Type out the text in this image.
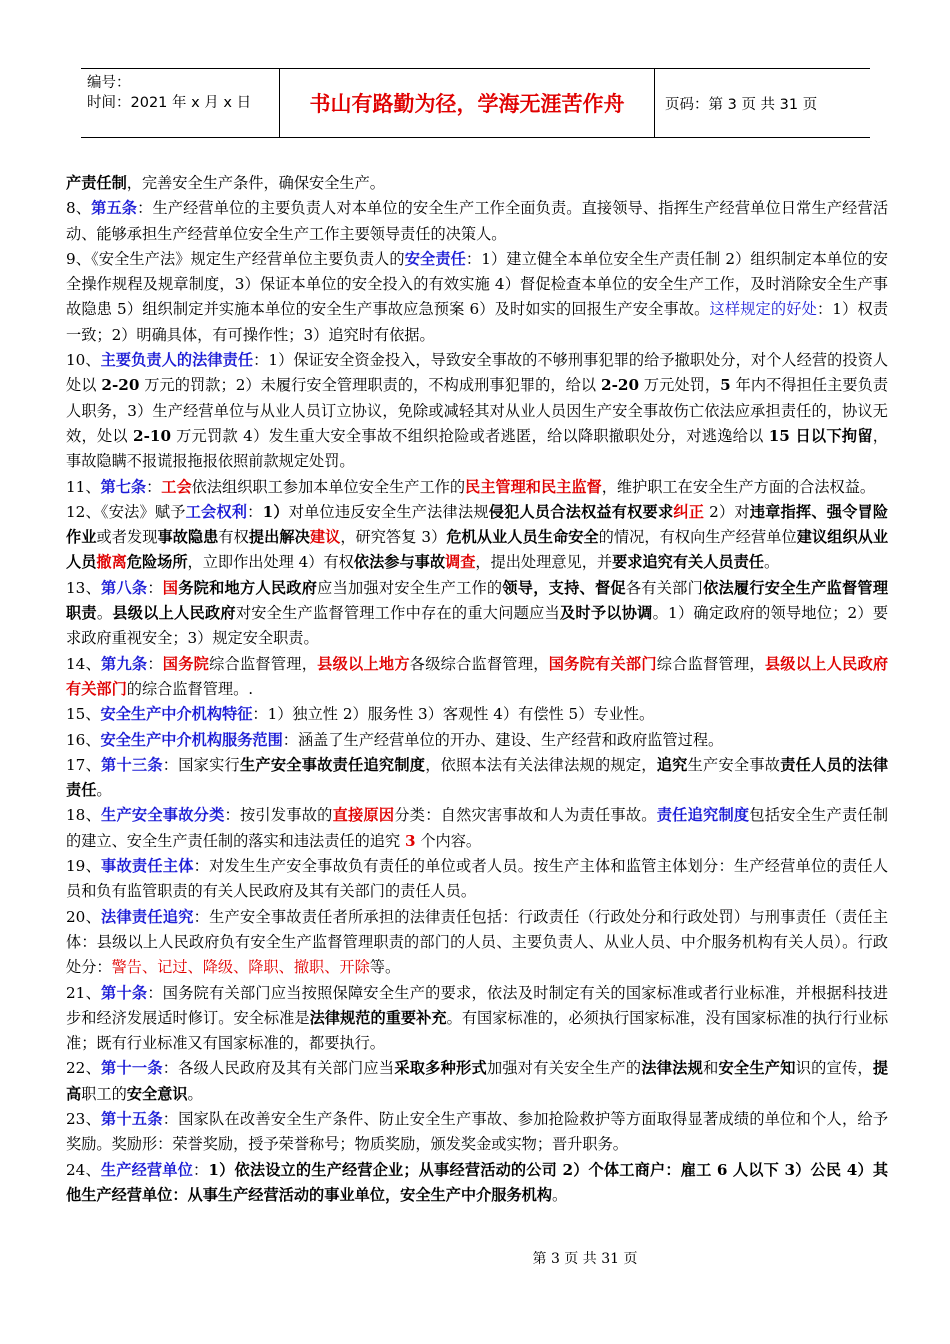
编号：
时间：2021 年 x 月 x 日	书山有路勤为径，学海无涯苦作舟	页码：第 3 页 共 31 页

产责任制，完善安全生产条件，确保安全生产。

8、第五条：生产经营单位的主要负责人对本单位的安全生产工作全面负责。直接领导、指挥生产经营单位日常生产经营活动、能够承担生产经营单位安全生产工作主要领导责任的决策人。

9、《安全生产法》规定生产经营单位主要负责人的安全责任：1）建立健全本单位安全生产责任制 2）组织制定本单位的安全操作规程及规章制度，3）保证本单位的安全投入的有效实施 4）督促检查本单位的安全生产工作，及时消除安全生产事故隐患 5）组织制定并实施本单位的安全生产事故应急预案 6）及时如实的回报生产安全事故。这样规定的好处：1）权责一致；2）明确具体，有可操作性；3）追究时有依据。

10、主要负责人的法律责任：1）保证安全资金投入，导致安全事故的不够刑事犯罪的给予撤职处分，对个人经营的投资人处以 2-20 万元的罚款；2）未履行安全管理职责的，不构成刑事犯罪的，给以 2-20 万元处罚，5 年内不得担任主要负责人职务，3）生产经营单位与从业人员订立协议，免除或减轻其对从业人员因生产安全事故伤亡依法应承担责任的，协议无效，处以 2-10 万元罚款 4）发生重大安全事故不组织抢险或者逃匿，给以降职撤职处分，对逃逸给以 15 日以下拘留，事故隐瞒不报谎报拖报依照前款规定处罚。

11、第七条：工会依法组织职工参加本单位安全生产工作的民主管理和民主监督，维护职工在安全生产方面的合法权益。

12、《安法》赋予工会权利：1）对单位违反安全生产法律法规侵犯人员合法权益有权要求纠正 2）对违章指挥、强令冒险作业或者发现事故隐患有权提出解决建议，研究答复 3）危机从业人员生命安全的情况，有权向生产经营单位建议组织从业人员撤离危险场所，立即作出处理 4）有权依法参与事故调查，提出处理意见，并要求追究有关人员责任。

13、第八条：国务院和地方人民政府应当加强对安全生产工作的领导，支持、督促各有关部门依法履行安全生产监督管理职责。县级以上人民政府对安全生产监督管理工作中存在的重大问题应当及时予以协调。1）确定政府的领导地位；2）要求政府重视安全；3）规定安全职责。

14、第九条：国务院综合监督管理，县级以上地方各级综合监督管理，国务院有关部门综合监督管理，县级以上人民政府有关部门的综合监督管理。.

15、安全生产中介机构特征：1）独立性 2）服务性 3）客观性 4）有偿性 5）专业性。

16、安全生产中介机构服务范围：涵盖了生产经营单位的开办、建设、生产经营和政府监管过程。

17、第十三条：国家实行生产安全事故责任追究制度，依照本法有关法律法规的规定，追究生产安全事故责任人员的法律责任。

18、生产安全事故分类：按引发事故的直接原因分类：自然灾害事故和人为责任事故。责任追究制度包括安全生产责任制的建立、安全生产责任制的落实和违法责任的追究 3 个内容。

19、事故责任主体：对发生生产安全事故负有责任的单位或者人员。按生产主体和监管主体划分：生产经营单位的责任人员和负有监管职责的有关人民政府及其有关部门的责任人员。

20、法律责任追究：生产安全事故责任者所承担的法律责任包括：行政责任（行政处分和行政处罚）与刑事责任（责任主体：县级以上人民政府负有安全生产监督管理职责的部门的人员、主要负责人、从业人员、中介服务机构有关人员）。行政处分：警告、记过、降级、降职、撤职、开除等。

21、第十条：国务院有关部门应当按照保障安全生产的要求，依法及时制定有关的国家标准或者行业标准，并根据科技进步和经济发展适时修订。安全标准是法律规范的重要补充。有国家标准的，必须执行国家标准，没有国家标准的执行行业标准；既有行业标准又有国家标准的，都要执行。

22、第十一条：各级人民政府及其有关部门应当采取多种形式加强对有关安全生产的法律法规和安全生产知识的宣传，提高职工的安全意识。

23、第十五条：国家队在改善安全生产条件、防止安全生产事故、参加抢险救护等方面取得显著成绩的单位和个人，给予奖励。奖励形：荣誉奖励，授予荣誉称号；物质奖励，颁发奖金或实物；晋升职务。

24、生产经营单位：1）依法设立的生产经营企业；从事经营活动的公司 2）个体工商户：雇工 6 人以下 3）公民 4）其他生产经营单位：从事生产经营活动的事业单位，安全生产中介服务机构。

第 3 页 共 31 页
